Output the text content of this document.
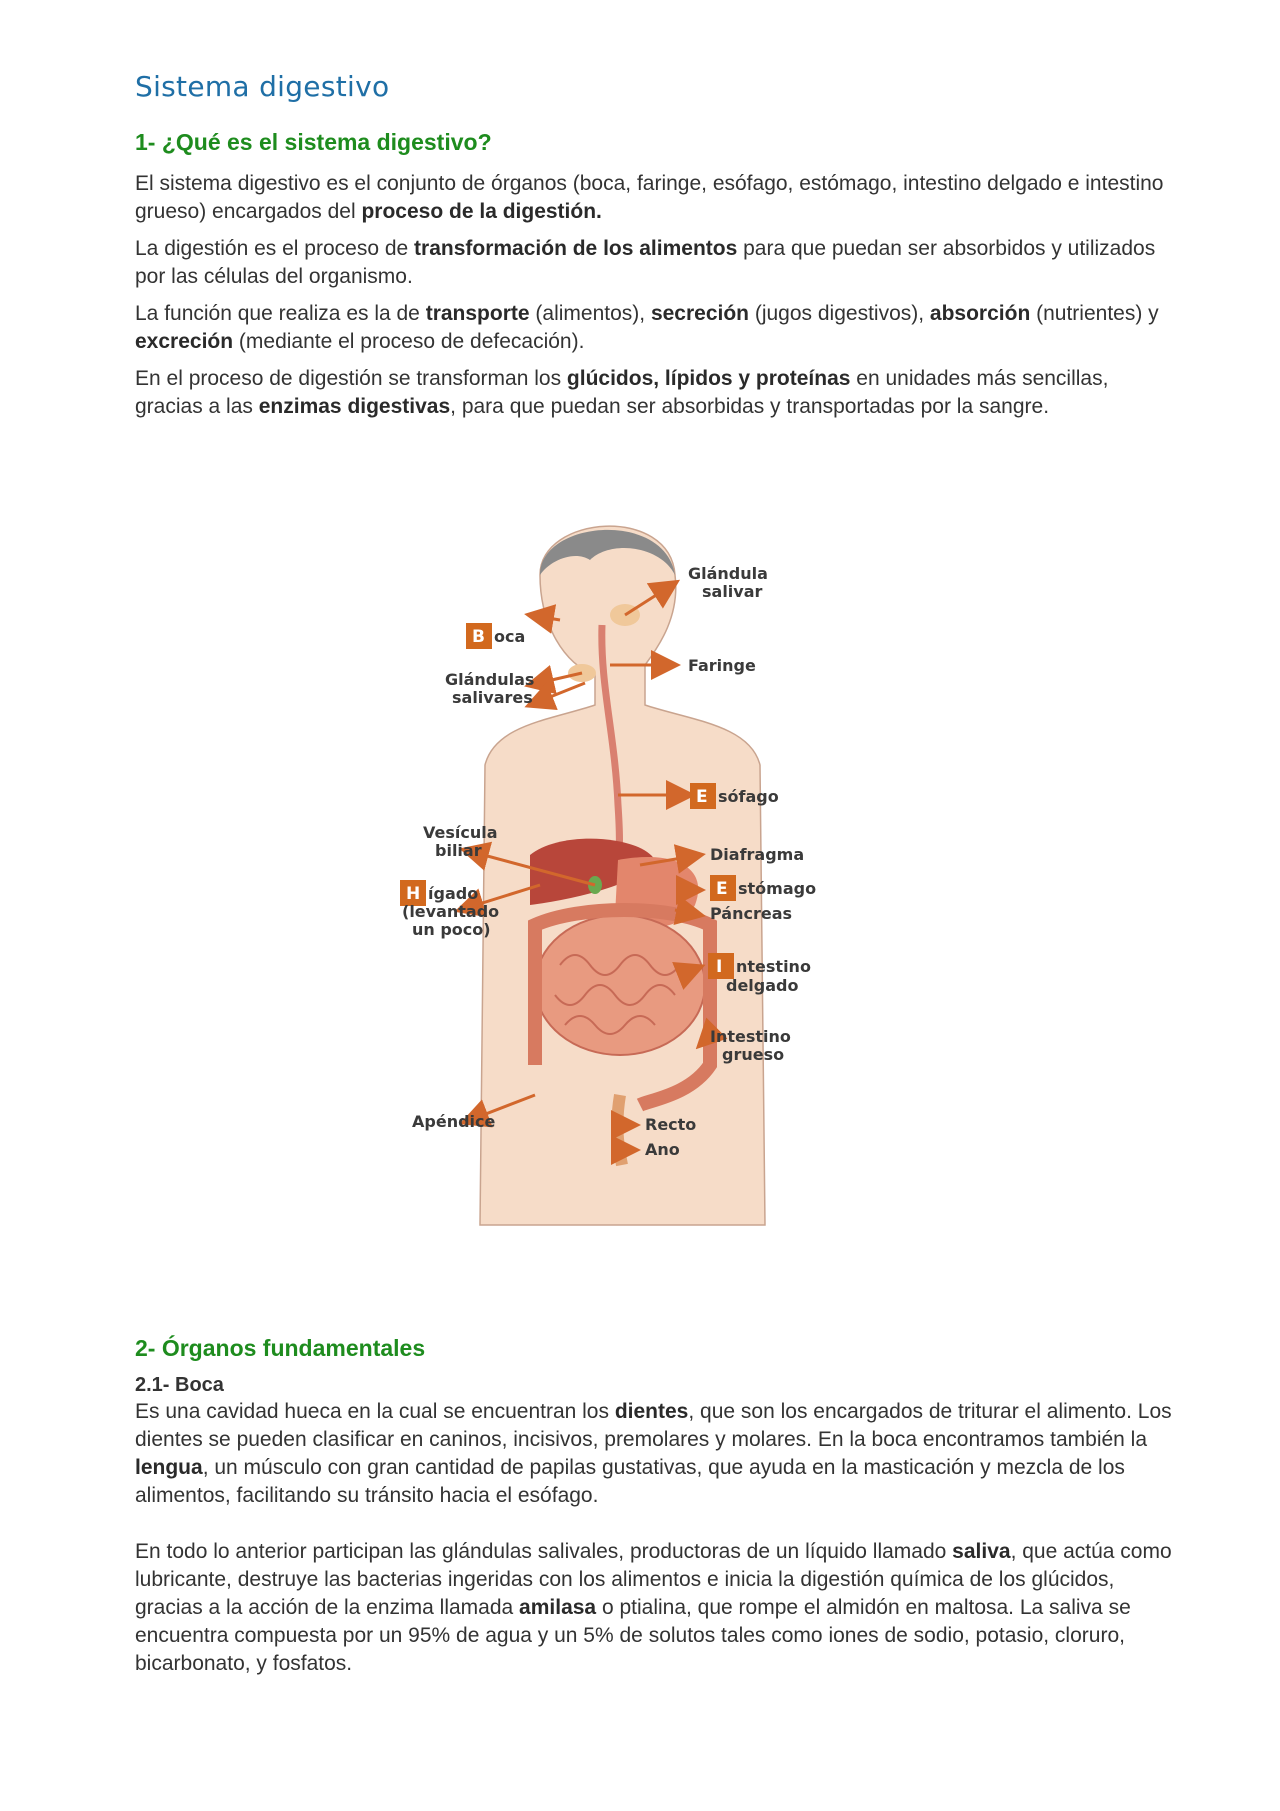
Sistema digestivo
1- ¿Qué es el sistema digestivo?

El sistema digestivo es el conjunto de órganos (boca, faringe, esófago, estómago, intestino delgado e intestino grueso) encargados del proceso de la digestión.

La digestión es el proceso de transformación de los alimentos para que puedan ser absorbidos y utilizados por las células del organismo.

La función que realiza es la de transporte (alimentos), secreción (jugos digestivos), absorción (nutrientes) y excreción (mediante el proceso de defecación).

En el proceso de digestión se transforman los glúcidos, lípidos y proteínas en unidades más sencillas, gracias a las enzimas digestivas, para que puedan ser absorbidas y transportadas por la sangre.

Glándula
salivar
B oca
Glándulas
salivares
Faringe
E sófago
Vesícula
biliar
H ígado
(levantado
un poco)
Diafragma
E stómago
Páncreas
I ntestino
delgado
Intestino
grueso
Apéndice	Recto
Ano
2- Órganos fundamentales
2.1- Boca

Es una cavidad hueca en la cual se encuentran los dientes, que son los encargados de triturar el alimento. Los dientes se pueden clasificar en caninos, incisivos, premolares y molares. En la boca encontramos también la lengua, un músculo con gran cantidad de papilas gustativas, que ayuda en la masticación y mezcla de los alimentos, facilitando su tránsito hacia el esófago.

En todo lo anterior participan las glándulas salivales, productoras de un líquido llamado saliva, que actúa como lubricante, destruye las bacterias ingeridas con los alimentos e inicia la digestión química de los glúcidos, gracias a la acción de la enzima llamada amilasa o ptialina, que rompe el almidón en maltosa. La saliva se encuentra compuesta por un 95% de agua y un 5% de solutos tales como iones de sodio, potasio, cloruro, bicarbonato, y fosfatos.
